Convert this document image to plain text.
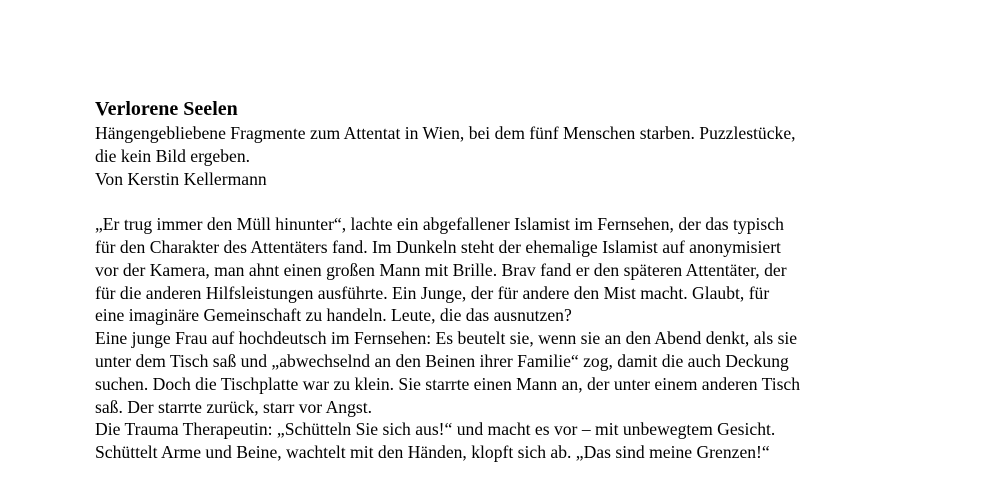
Verlorene Seelen
Hängengebliebene Fragmente zum Attentat in Wien, bei dem fünf Menschen starben. Puzzlestücke,
die kein Bild ergeben.
Von Kerstin Kellermann
„Er trug immer den Müll hinunter“, lachte ein abgefallener Islamist im Fernsehen, der das typisch
für den Charakter des Attentäters fand. Im Dunkeln steht der ehemalige Islamist auf anonymisiert
vor der Kamera, man ahnt einen großen Mann mit Brille. Brav fand er den späteren Attentäter, der
für die anderen Hilfsleistungen ausführte. Ein Junge, der für andere den Mist macht. Glaubt, für
eine imaginäre Gemeinschaft zu handeln. Leute, die das ausnutzen?
Eine junge Frau auf hochdeutsch im Fernsehen: Es beutelt sie, wenn sie an den Abend denkt, als sie
unter dem Tisch saß und „abwechselnd an den Beinen ihrer Familie“ zog, damit die auch Deckung
suchen. Doch die Tischplatte war zu klein. Sie starrte einen Mann an, der unter einem anderen Tisch
saß. Der starrte zurück, starr vor Angst.
Die Trauma Therapeutin: „Schütteln Sie sich aus!“ und macht es vor – mit unbewegtem Gesicht.
Schüttelt Arme und Beine, wachtelt mit den Händen, klopft sich ab. „Das sind meine Grenzen!“
